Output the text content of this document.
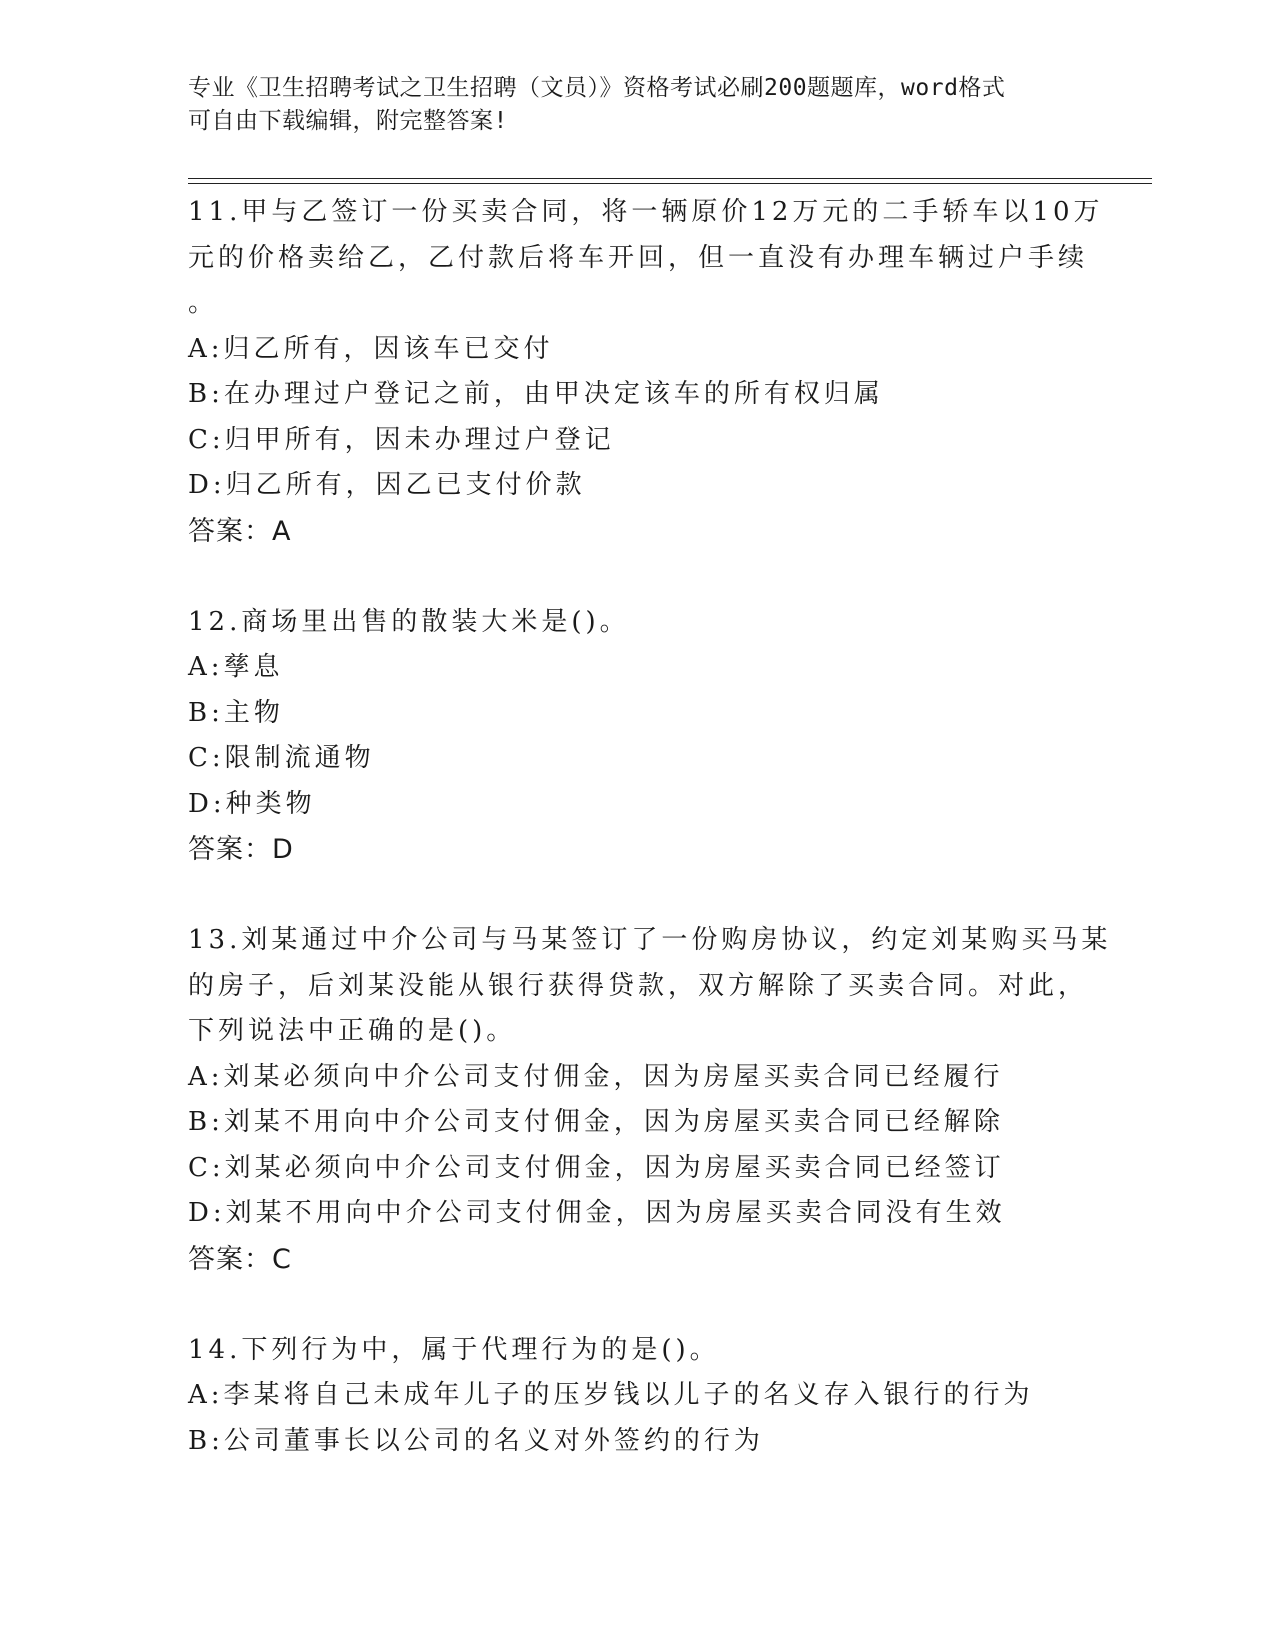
专业《卫生招聘考试之卫生招聘（文员）》资格考试必刷200题题库，word格式
可自由下载编辑，附完整答案!
11.甲与乙签订一份买卖合同，将一辆原价12万元的二手轿车以10万
元的价格卖给乙，乙付款后将车开回，但一直没有办理车辆过户手续
。
A:归乙所有，因该车已交付
B:在办理过户登记之前，由甲决定该车的所有权归属
C:归甲所有，因未办理过户登记
D:归乙所有，因乙已支付价款
答案：A
12.商场里出售的散装大米是()。
A:孳息
B:主物
C:限制流通物
D:种类物
答案：D
13.刘某通过中介公司与马某签订了一份购房协议，约定刘某购买马某
的房子，后刘某没能从银行获得贷款，双方解除了买卖合同。对此，
下列说法中正确的是()。
A:刘某必须向中介公司支付佣金，因为房屋买卖合同已经履行
B:刘某不用向中介公司支付佣金，因为房屋买卖合同已经解除
C:刘某必须向中介公司支付佣金，因为房屋买卖合同已经签订
D:刘某不用向中介公司支付佣金，因为房屋买卖合同没有生效
答案：C
14.下列行为中，属于代理行为的是()。
A:李某将自己未成年儿子的压岁钱以儿子的名义存入银行的行为
B:公司董事长以公司的名义对外签约的行为
